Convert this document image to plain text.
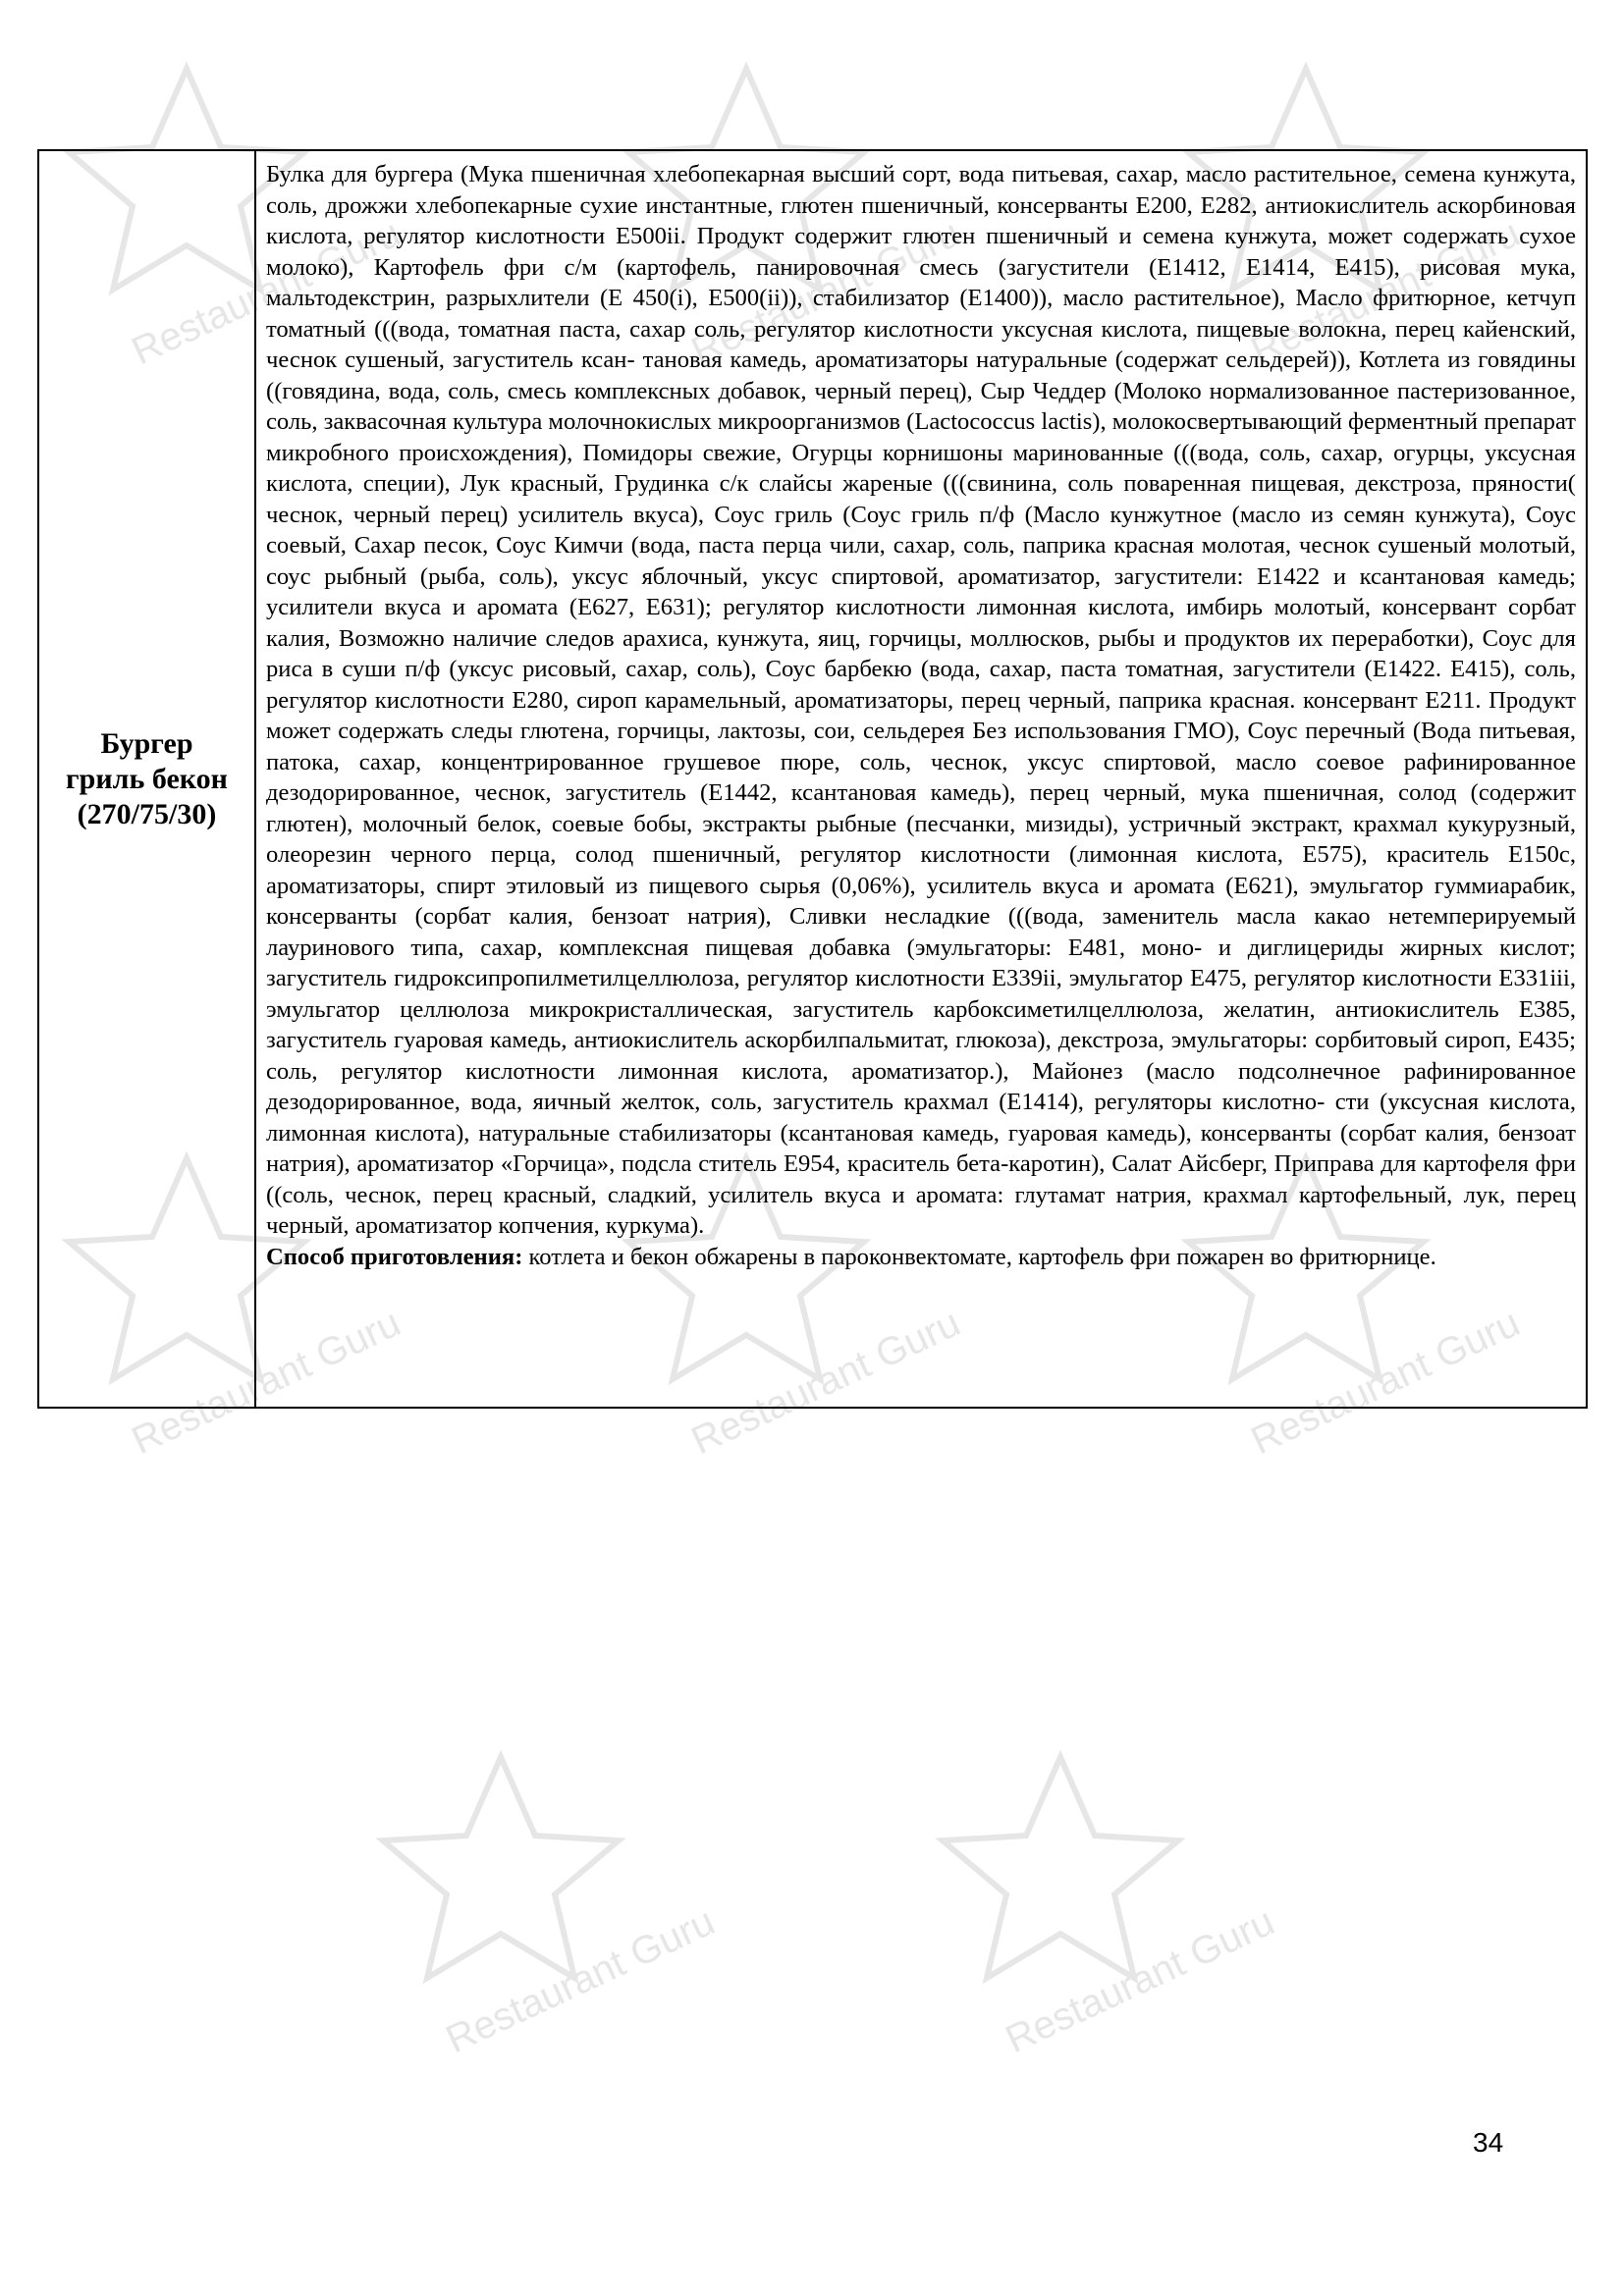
Restaurant Guru	Restaurant Guru	Restaurant Guru
Restaurant Guru	Restaurant Guru	Restaurant Guru
Restaurant Guru	Restaurant Guru
Бургер
гриль бекон
(270/75/30)

Булка для бургера (Мука пшеничная хлебопекарная высший сорт, вода питьевая, сахар, масло растительное, семена кунжута, соль, дрожжи хлебопекарные сухие инстантные, глютен пшеничный, консерванты Е200, Е282, антиокислитель аскорбиновая кислота, регулятор кислотности Е500ii. Продукт содержит глютен пшеничный и семена кунжута, может содержать сухое молоко), Картофель фри с/м (картофель, панировочная смесь (загустители (Е1412, Е1414, Е415), рисовая мука, мальтодекстрин, разрыхлители (Е 450(i), Е500(ii)), стабилизатор (Е1400)), масло растительное), Масло фритюрное, кетчуп томатный (((вода, томатная паста, сахар соль, регулятор кислотности уксусная кислота, пищевые волокна, перец кайенский, чеснок сушеный, загуститель ксан- тановая камедь, ароматизаторы натуральные (содержат сельдерей)), Котлета из говядины ((говядина, вода, соль, смесь комплексных добавок, черный перец), Сыр Чеддер (Молоко нормализованное пастеризованное, соль, заквасочная культура молочнокислых микроорганизмов (Lactococcus lactis), молокосвертывающий ферментный препарат микробного происхождения), Помидоры свежие, Огурцы корнишоны маринованные (((вода, соль, сахар, огурцы, уксусная кислота, специи), Лук красный, Грудинка с/к слайсы жареные (((свинина, соль поваренная пищевая, декстроза, пряности( чеснок, черный перец) усилитель вкуса), Соус гриль (Соус гриль п/ф (Масло кунжутное (масло из семян кунжута), Соус соевый, Сахар песок, Соус Кимчи (вода, паста перца чили, сахар, соль, паприка красная молотая, чеснок сушеный молотый, соус рыбный (рыба, соль), уксус яблочный, уксус спиртовой, ароматизатор, загустители: Е1422 и ксантановая камедь; усилители вкуса и аромата (Е627, Е631); регулятор кислотности лимонная кислота, имбирь молотый, консервант сорбат калия, Возможно наличие следов арахиса, кунжута, яиц, горчицы, моллюсков, рыбы и продуктов их переработки), Соус для риса в суши п/ф (уксус рисовый, сахар, соль), Соус барбекю (вода, сахар, паста томатная, загустители (Е1422. Е415), соль, регулятор кислотности Е280, сироп карамельный, ароматизаторы, перец черный, паприка красная. консервант Е211. Продукт может содержать следы глютена, горчицы, лактозы, сои, сельдерея Без использования ГМО), Соус перечный (Вода питьевая, патока, сахар, концентрированное грушевое пюре, соль, чеснок, уксус спиртовой, масло соевое рафинированное дезодорированное, чеснок, загуститель (Е1442, ксантановая камедь), перец черный, мука пшеничная, солод (содержит глютен), молочный белок, соевые бобы, экстракты рыбные (песчанки, мизиды), устричный экстракт, крахмал кукурузный, олеорезин черного перца, солод пшеничный, регулятор кислотности (лимонная кислота, Е575), краситель Е150с, ароматизаторы, спирт этиловый из пищевого сырья (0,06%), усилитель вкуса и аромата (Е621), эмульгатор гуммиарабик, консерванты (сорбат калия, бензоат натрия), Сливки несладкие (((вода, заменитель масла какао нетемперируемый лауринового типа, сахар, комплексная пищевая добавка (эмульгаторы: Е481, моно- и диглицериды жирных кислот; загуститель гидроксипропилметилцеллюлоза, регулятор кислотности Е339ii, эмульгатор Е475, регулятор кислотности Е331iii, эмульгатор целлюлоза микрокристаллическая, загуститель карбоксиметилцеллюлоза, желатин, антиокислитель Е385, загуститель гуаровая камедь, антиокислитель аскорбилпальмитат, глюкоза), декстроза, эмульгаторы: сорбитовый сироп, Е435; соль, регулятор кислотности лимонная кислота, ароматизатор.), Майонез (масло подсолнечное рафинированное дезодорированное, вода, яичный желток, соль, загуститель крахмал (Е1414), регуляторы кислотно- сти (уксусная кислота, лимонная кислота), натуральные стабилизаторы (ксантановая камедь, гуаровая камедь), консерванты (сорбат калия, бензоат натрия), ароматизатор «Горчица», подсла ститель Е954, краситель бета-каротин), Салат Айсберг, Приправа для картофеля фри ((соль, чеснок, перец красный, сладкий, усилитель вкуса и аромата: глутамат натрия, крахмал картофельный, лук, перец черный, ароматизатор копчения, куркума).

Способ приготовления: котлета и бекон обжарены в пароконвектомате, картофель фри пожарен во фритюрнице.

34
